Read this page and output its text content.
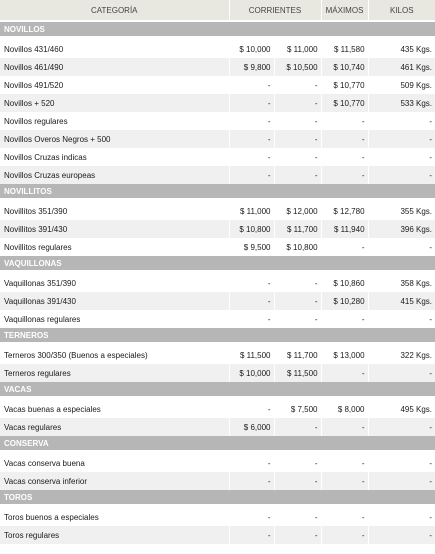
CATEGORÍA	CORRIENTES		MÁXIMOS	KILOS
NOVILLOS				
Novillos 431/460	$ 10,000	$ 11,000	$ 11,580	435 Kgs.
Novillos 461/490	$ 9,800	$ 10,500	$ 10,740	461 Kgs.
Novillos 491/520	-	-	$ 10,770	509 Kgs.
Novillos + 520	-	-	$ 10,770	533 Kgs.
Novillos regulares	-	-	-	-
Novillos Overos Negros + 500	-	-	-	-
Novillos Cruzas indicas	-	-	-	-
Novillos Cruzas europeas	-	-	-	-
NOVILLITOS				
Novillitos 351/390	$ 11,000	$ 12,000	$ 12,780	355 Kgs.
Novillitos 391/430	$ 10,800	$ 11,700	$ 11,940	396 Kgs.
Novillitos regulares	$ 9,500	$ 10,800	-	-
VAQUILLONAS				
Vaquillonas 351/390	-	-	$ 10,860	358 Kgs.
Vaquillonas 391/430	-	-	$ 10,280	415 Kgs.
Vaquillonas regulares	-	-	-	-
TERNEROS				
Terneros 300/350 (Buenos a especiales)	$ 11,500	$ 11,700	$ 13,000	322 Kgs.
Terneros regulares	$ 10,000	$ 11,500	-	-
VACAS				
Vacas buenas a especiales	-	$ 7,500	$ 8,000	495 Kgs.
Vacas regulares	$ 6,000	-	-	-
CONSERVA				
Vacas conserva buena	-	-	-	-
Vacas conserva inferior	-	-	-	-
TOROS				
Toros buenos a especiales	-	-	-	-
Toros regulares	-	-	-	-
